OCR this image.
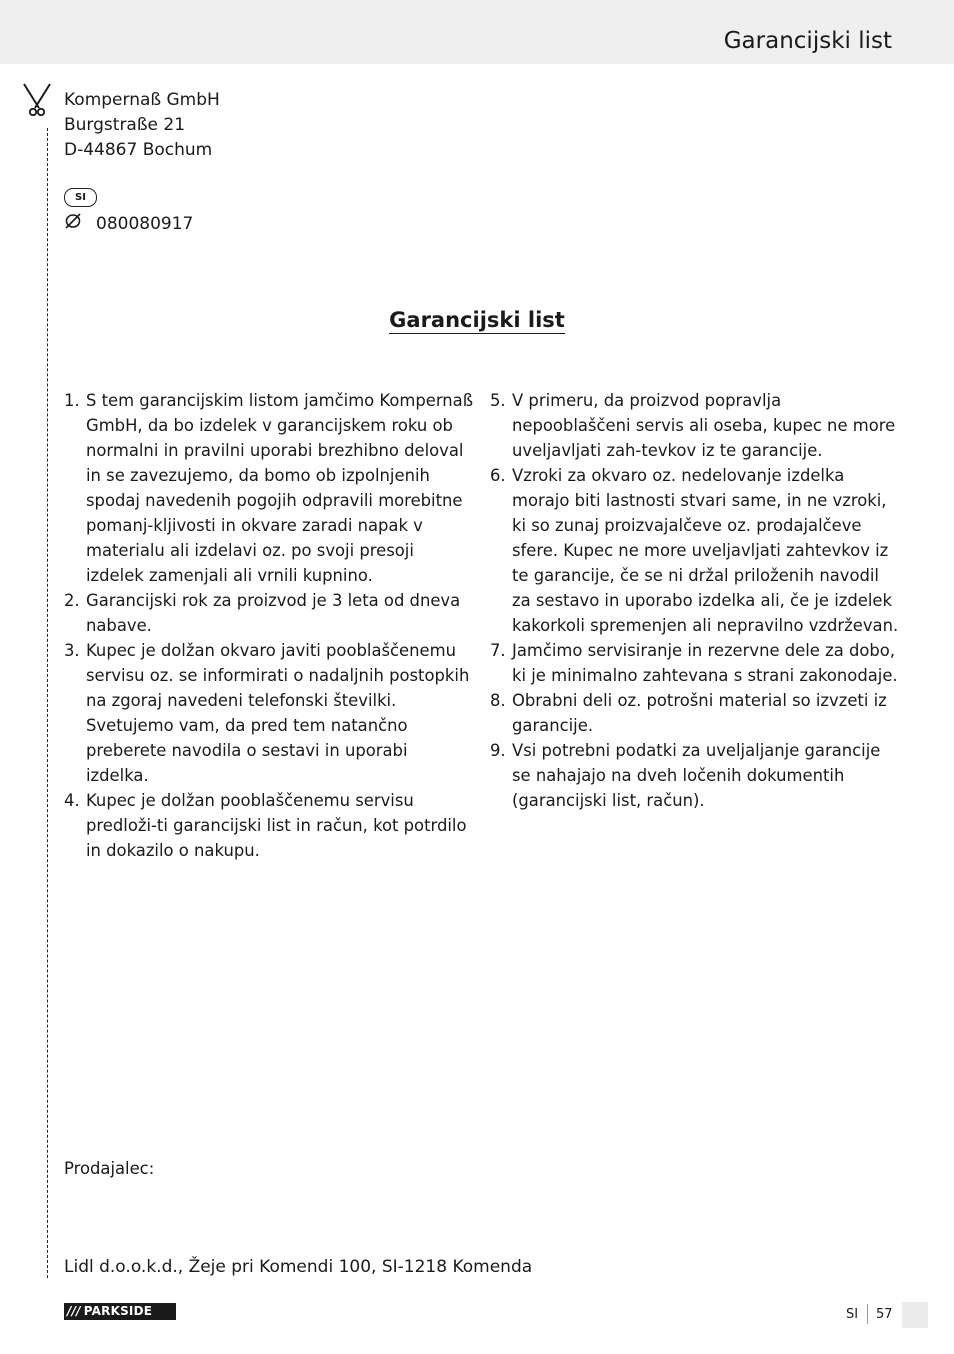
Garancijski list
Kompernaß GmbH
Burgstraße 21
D-44867 Bochum
SI
080080917
Garancijski list
1. S tem garancijskim listom jamčimo Kompernaß GmbH, da bo izdelek v garancijskem roku ob normalni in pravilni uporabi brezhibno deloval in se zavezujemo, da bomo ob izpolnjenih spodaj navedenih pogojih odpravili morebitne pomanj-kljivosti in okvare zaradi napak v materialu ali izdelavi oz. po svoji presoji izdelek zamenjali ali vrnili kupnino.
2. Garancijski rok za proizvod je 3 leta od dneva nabave.
3. Kupec je dolžan okvaro javiti pooblaščenemu servisu oz. se informirati o nadaljnih postopkih na zgoraj navedeni telefonski številki. Svetujemo vam, da pred tem natančno preberete navodila o sestavi in uporabi izdelka.
4. Kupec je dolžan pooblaščenemu servisu predloži-ti garancijski list in račun, kot potrdilo in dokazilo o nakupu.
5. V primeru, da proizvod popravlja nepooblaščeni servis ali oseba, kupec ne more uveljavljati zah-tevkov iz te garancije.
6. Vzroki za okvaro oz. nedelovanje izdelka morajo biti lastnosti stvari same, in ne vzroki, ki so zunaj proizvajalčeve oz. prodajalčeve sfere. Kupec ne more uveljavljati zahtevkov iz te garancije, če se ni držal priloženih navodil za sestavo in uporabo izdelka ali, če je izdelek kakorkoli spremenjen ali nepravilno vzdrževan.
7. Jamčimo servisiranje in rezervne dele za dobo, ki je minimalno zahtevana s strani zakonodaje.
8. Obrabni deli oz. potrošni material so izvzeti iz garancije.
9. Vsi potrebni podatki za uveljaljanje garancije se nahajajo na dveh ločenih dokumentih (garancijski list, račun).
Prodajalec:
Lidl d.o.o.k.d., Žeje pri Komendi 100, SI-1218 Komenda
/// PARKSIDE	SI 57
